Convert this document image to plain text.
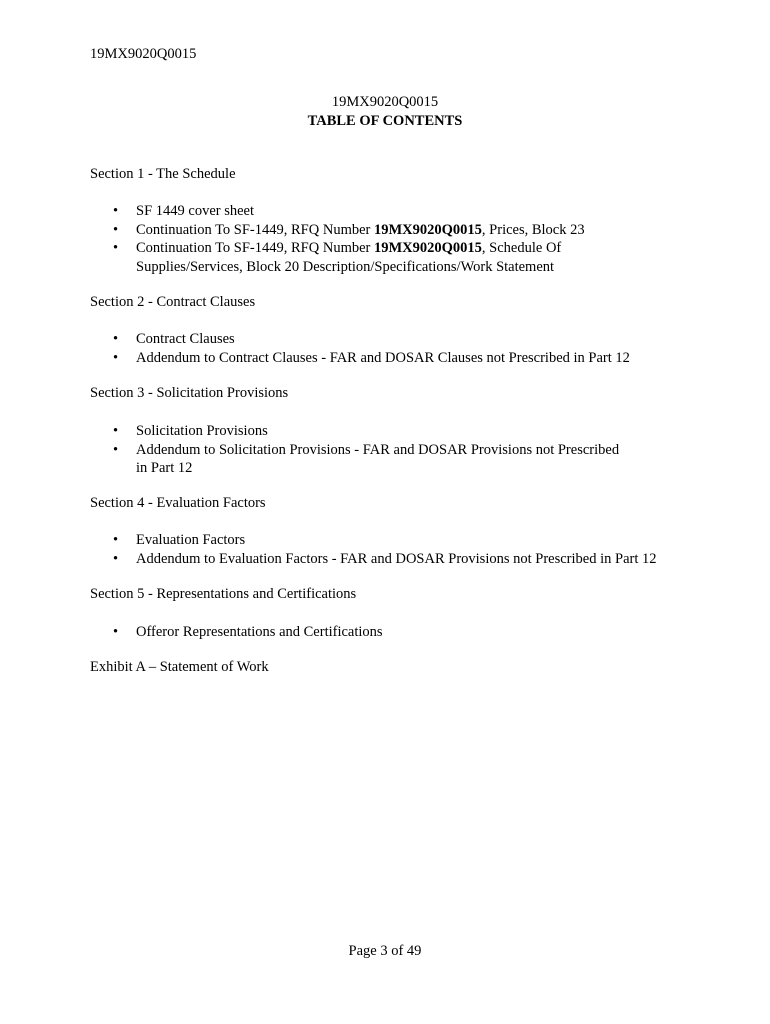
19MX9020Q0015
19MX9020Q0015
TABLE OF CONTENTS
Section 1 - The Schedule
• SF 1449 cover sheet
• Continuation To SF-1449, RFQ Number 19MX9020Q0015, Prices, Block 23
• Continuation To SF-1449, RFQ Number 19MX9020Q0015, Schedule Of Supplies/Services, Block 20 Description/Specifications/Work Statement
Section 2 - Contract Clauses
• Contract Clauses
• Addendum to Contract Clauses - FAR and DOSAR Clauses not Prescribed in Part 12
Section 3 - Solicitation Provisions
• Solicitation Provisions
• Addendum to Solicitation Provisions - FAR and DOSAR Provisions not Prescribed in Part 12
Section 4 - Evaluation Factors
• Evaluation Factors
• Addendum to Evaluation Factors - FAR and DOSAR Provisions not Prescribed in Part 12
Section 5 - Representations and Certifications
• Offeror Representations and Certifications
Exhibit A – Statement of Work
Page 3 of 49
